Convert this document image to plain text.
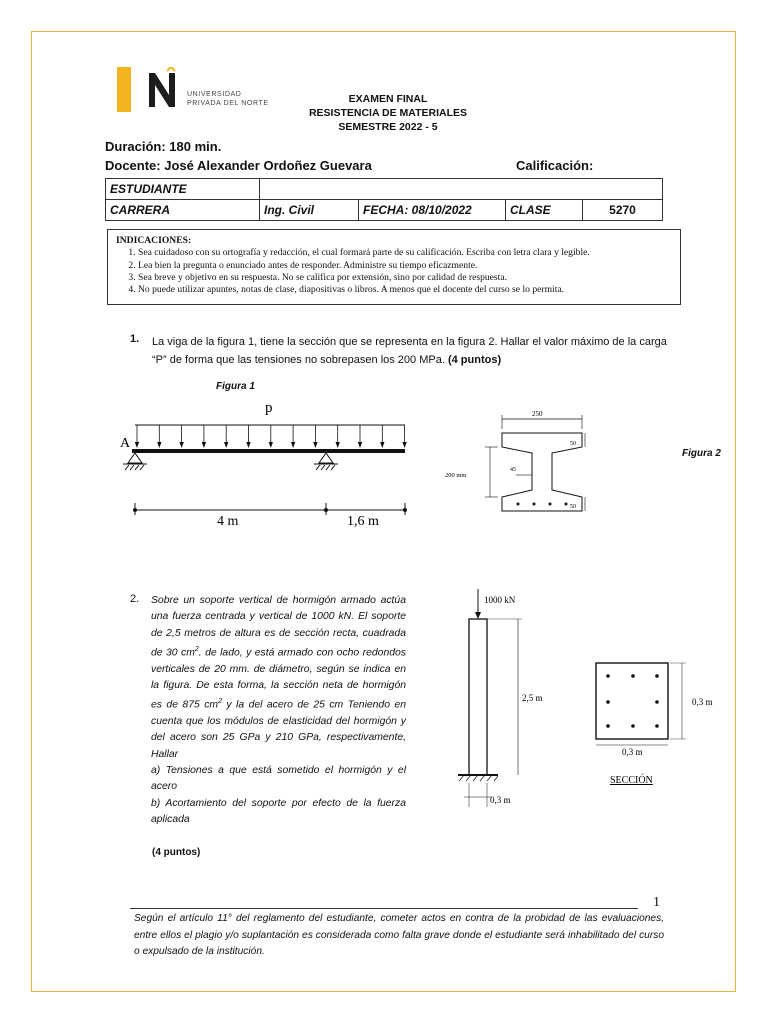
UNIVERSIDAD
PRIVADA DEL NORTE	EXAMEN FINAL
RESISTENCIA DE MATERIALES
SEMESTRE 2022 - 5
Duración: 180 min.
Docente: José Alexander Ordoñez Guevara	Calificación:
ESTUDIANTE				
CARRERA	Ing. Civil	FECHA: 08/10/2022	CLASE	5270
INDICACIONES:
1. Sea cuidadoso con su ortografía y redacción, el cual formará parte de su calificación. Escriba con letra clara y legible.
2. Lea bien la pregunta o enunciado antes de responder. Administre su tiempo eficazmente.
3. Sea breve y objetivo en su respuesta. No se califica por extensión, sino por calidad de respuesta.
4. No puede utilizar apuntes, notas de clase, diapositivas o libros. A menos que el docente del curso se lo permita.
1. La viga de la figura 1, tiene la sección que se representa en la figura 2. Hallar el valor máximo de la carga “P” de forma que las tensiones no sobrepasen los 200 MPa. (4 puntos)
Figura 1
Figura 2
p
A
4 m	1,6 m
250
50
45
50
200 mm
2. Sobre un soporte vertical de hormigón armado actúa una fuerza centrada y vertical de 1000 kN. El soporte de 2,5 metros de altura es de sección recta, cuadrada de 30 $cm^2$. de lado, y está armado con ocho redondos verticales de 20 mm. de diámetro, según se indica en la figura. De esta forma, la sección neta de hormigón es de 875 $cm^2$ y la del acero de 25 cm Teniendo en cuenta que los módulos de elasticidad del hormigón y del acero son 25 GPa y 210 GPa, respectivamente, Hallar
a) Tensiones a que está sometido el hormigón y el acero
b) Acortamiento del soporte por efecto de la fuerza aplicada
(4 puntos)
1000 kN
2,5 m
0,3 m
0,3 m
0,3 m
SECCIÓN
1
Según el artículo 11° del reglamento del estudiante, cometer actos en contra de la probidad de las evaluaciones, entre ellos el plagio y/o suplantación es considerada como falta grave donde el estudiante será inhabilitado del curso o expulsado de la institución.
